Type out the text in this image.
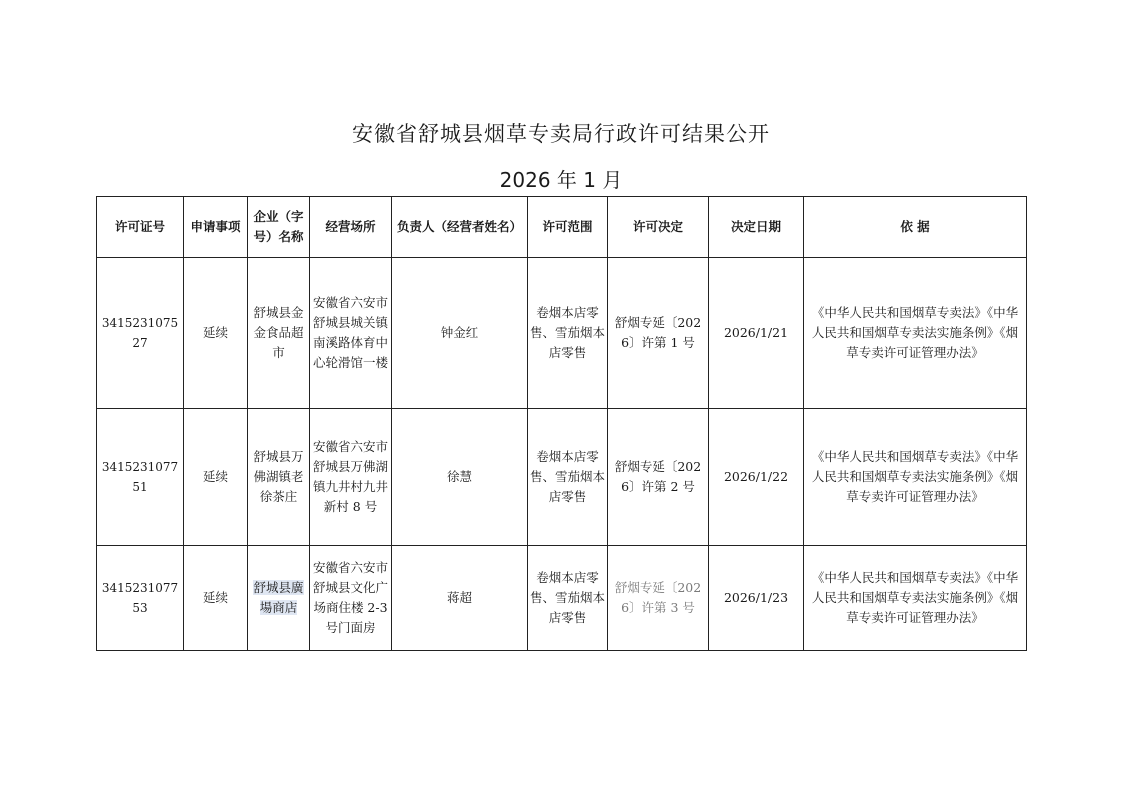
安徽省舒城县烟草专卖局行政许可结果公开
2026 年 1 月
许可证号	申请事项	企业（字号）名称	经营场所	负责人（经营者姓名）	许可范围	许可决定	决定日期	依 据
341523107527	延续	舒城县金金食品超市	安徽省六安市舒城县城关镇南溪路体育中心轮滑馆一楼	钟金红	卷烟本店零售、雪茄烟本店零售	舒烟专延〔2026〕许第 1 号	2026/1/21	《中华人民共和国烟草专卖法》《中华人民共和国烟草专卖法实施条例》《烟草专卖许可证管理办法》
341523107751	延续	舒城县万佛湖镇老徐茶庄	安徽省六安市舒城县万佛湖镇九井村九井新村 8 号	徐慧	卷烟本店零售、雪茄烟本店零售	舒烟专延〔2026〕许第 2 号	2026/1/22	《中华人民共和国烟草专卖法》《中华人民共和国烟草专卖法实施条例》《烟草专卖许可证管理办法》
341523107753	延续	舒城县廣場商店	安徽省六安市舒城县文化广场商住楼 2-3 号门面房	蒋超	卷烟本店零售、雪茄烟本店零售	舒烟专延〔2026〕许第 3 号	2026/1/23	《中华人民共和国烟草专卖法》《中华人民共和国烟草专卖法实施条例》《烟草专卖许可证管理办法》
